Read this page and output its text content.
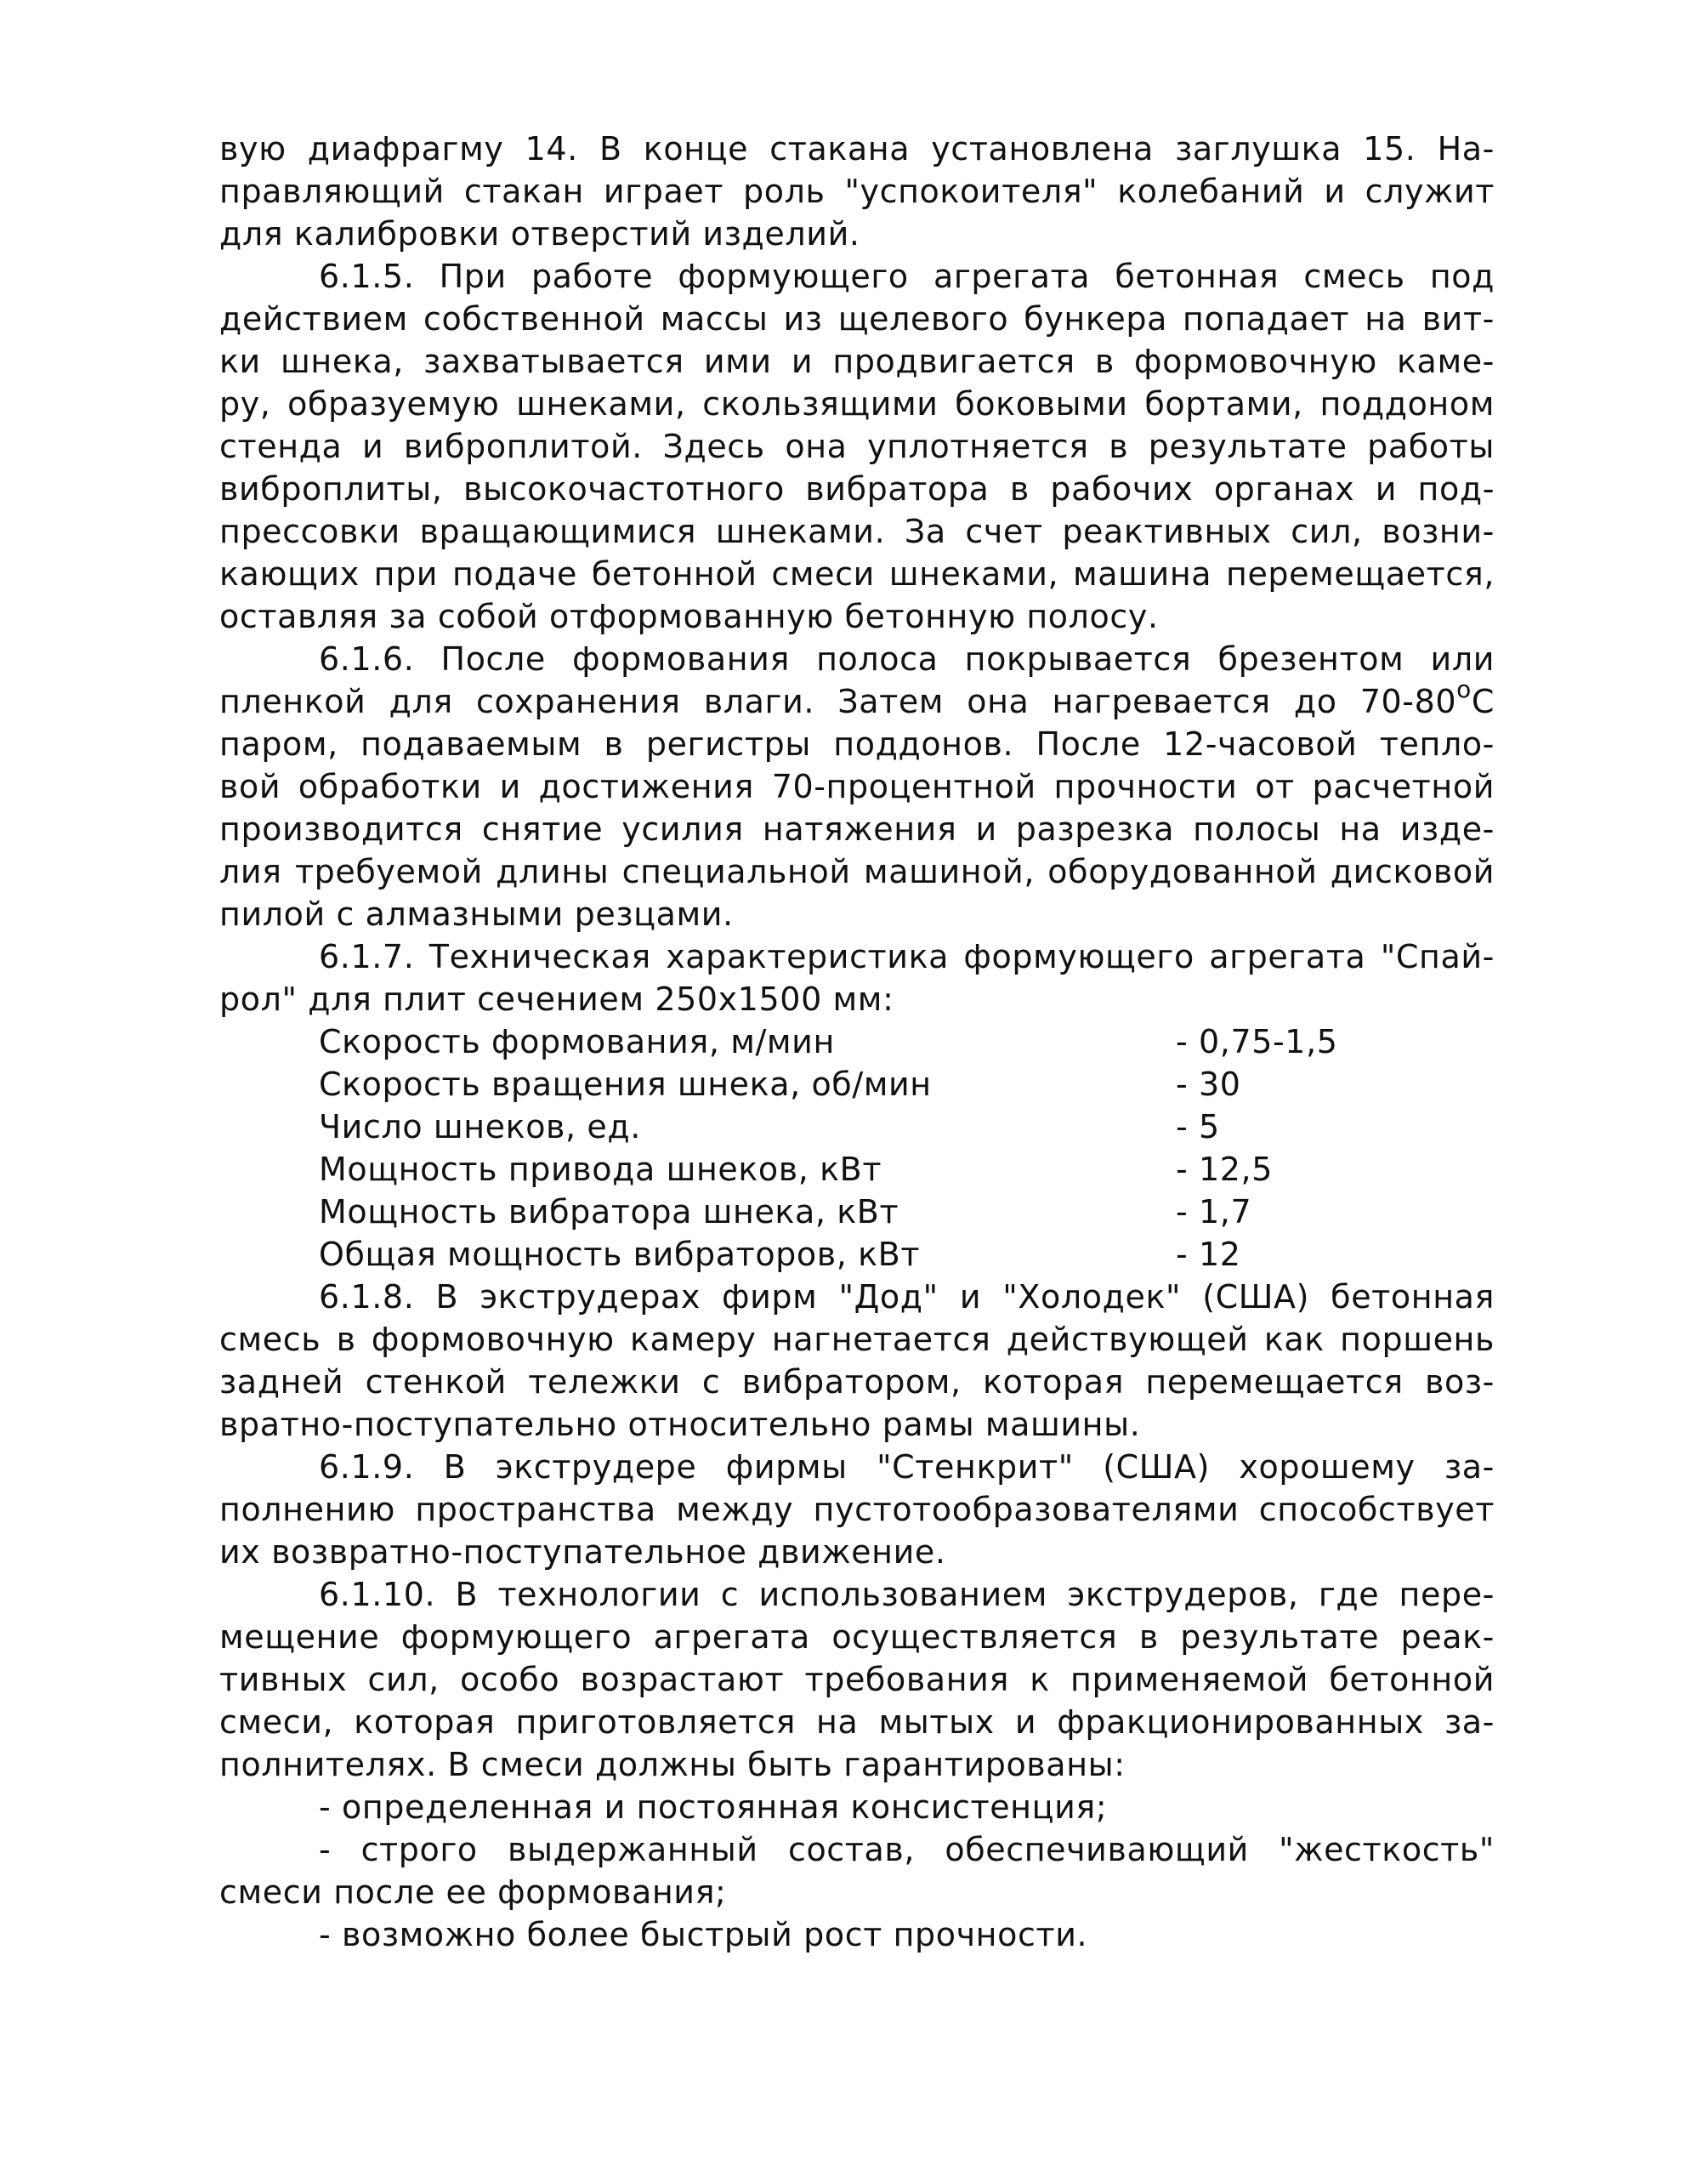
вую диафрагму 14. В конце стакана установлена заглушка 15. На-
правляющий стакан играет роль "успокоителя" колебаний и служит
для калибровки отверстий изделий.
6.1.5. При работе формующего агрегата бетонная смесь под
действием собственной массы из щелевого бункера попадает на вит-
ки шнека, захватывается ими и продвигается в формовочную каме-
ру, образуемую шнеками, скользящими боковыми бортами, поддоном
стенда и виброплитой. Здесь она уплотняется в результате работы
виброплиты, высокочастотного вибратора в рабочих органах и под-
прессовки вращающимися шнеками. За счет реактивных сил, возни-
кающих при подаче бетонной смеси шнеками, машина перемещается,
оставляя за собой отформованную бетонную полосу.
6.1.6. После формования полоса покрывается брезентом или
пленкой для сохранения влаги. Затем она нагревается до $70-80^оС$
паром, подаваемым в регистры поддонов. После 12-часовой тепло-
вой обработки и достижения 70-процентной прочности от расчетной
производится снятие усилия натяжения и разрезка полосы на изде-
лия требуемой длины специальной машиной, оборудованной дисковой
пилой с алмазными резцами.
6.1.7. Техническая характеристика формующего агрегата "Спай-
рол" для плит сечением 250x1500 мм:
Скорость формования, м/мин	- 0,75-1,5
Скорость вращения шнека, об/мин	- 30
Число шнеков, ед.	- 5
Мощность привода шнеков, кВт	- 12,5
Мощность вибратора шнека, кВт	- 1,7
Общая мощность вибраторов, кВт	- 12
6.1.8. В экструдерах фирм "Дод" и "Холодек" (США) бетонная
смесь в формовочную камеру нагнетается действующей как поршень
задней стенкой тележки с вибратором, которая перемещается воз-
вратно-поступательно относительно рамы машины.
6.1.9. В экструдере фирмы "Стенкрит" (США) хорошему за-
полнению пространства между пустотообразователями способствует
их возвратно-поступательное движение.
6.1.10. В технологии с использованием экструдеров, где пере-
мещение формующего агрегата осуществляется в результате реак-
тивных сил, особо возрастают требования к применяемой бетонной
смеси, которая приготовляется на мытых и фракционированных за-
полнителях. В смеси должны быть гарантированы:
- определенная и постоянная консистенция;
- строго выдержанный состав, обеспечивающий "жесткость"
смеси после ее формования;
- возможно более быстрый рост прочности.
